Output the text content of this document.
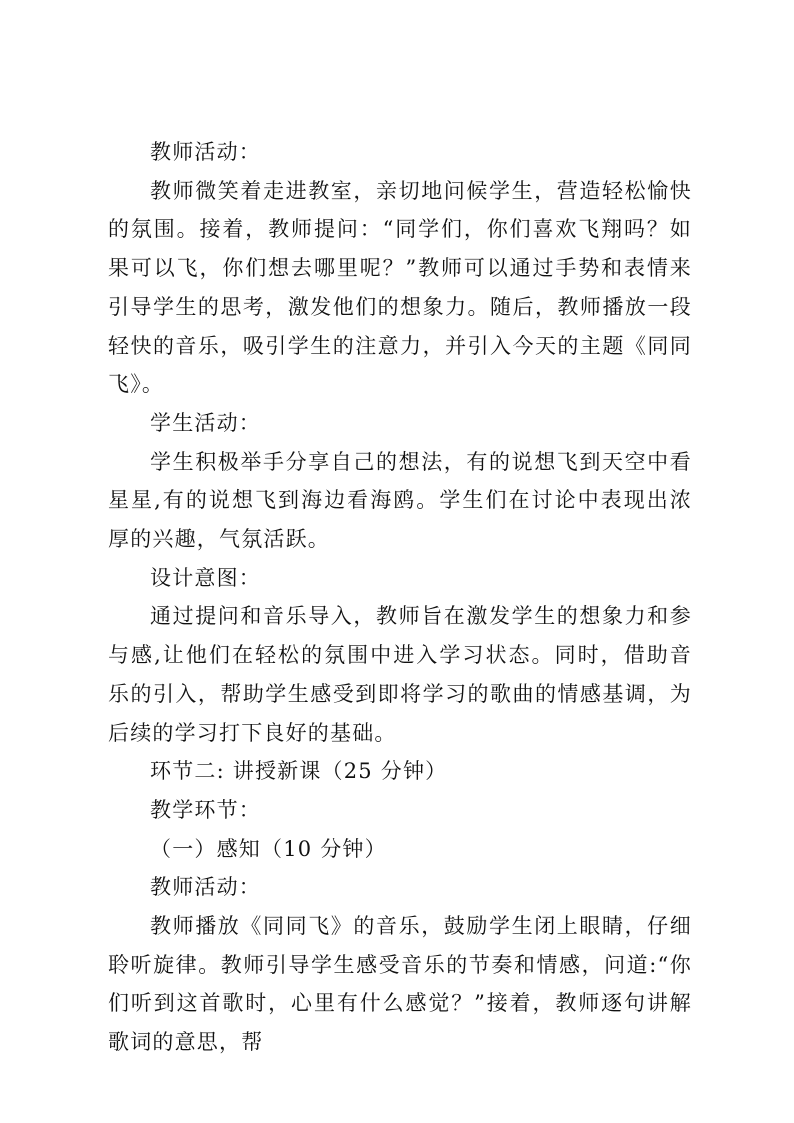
教师活动：

教师微笑着走进教室，亲切地问候学生，营造轻松愉快的氛围。接着，教师提问：“同学们，你们喜欢飞翔吗？如果可以飞，你们想去哪里呢？”教师可以通过手势和表情来引导学生的思考，激发他们的想象力。随后，教师播放一段轻快的音乐，吸引学生的注意力，并引入今天的主题《同同飞》。

学生活动：

学生积极举手分享自己的想法，有的说想飞到天空中看星星,有的说想飞到海边看海鸥。学生们在讨论中表现出浓厚的兴趣，气氛活跃。

设计意图：

通过提问和音乐导入，教师旨在激发学生的想象力和参与感,让他们在轻松的氛围中进入学习状态。同时，借助音乐的引入，帮助学生感受到即将学习的歌曲的情感基调，为后续的学习打下良好的基础。

环节二: 讲授新课（25 分钟）

教学环节：

（一）感知（10 分钟）

教师活动：

教师播放《同同飞》的音乐，鼓励学生闭上眼睛，仔细聆听旋律。教师引导学生感受音乐的节奏和情感，问道:“你们听到这首歌时，心里有什么感觉？”接着，教师逐句讲解歌词的意思，帮
